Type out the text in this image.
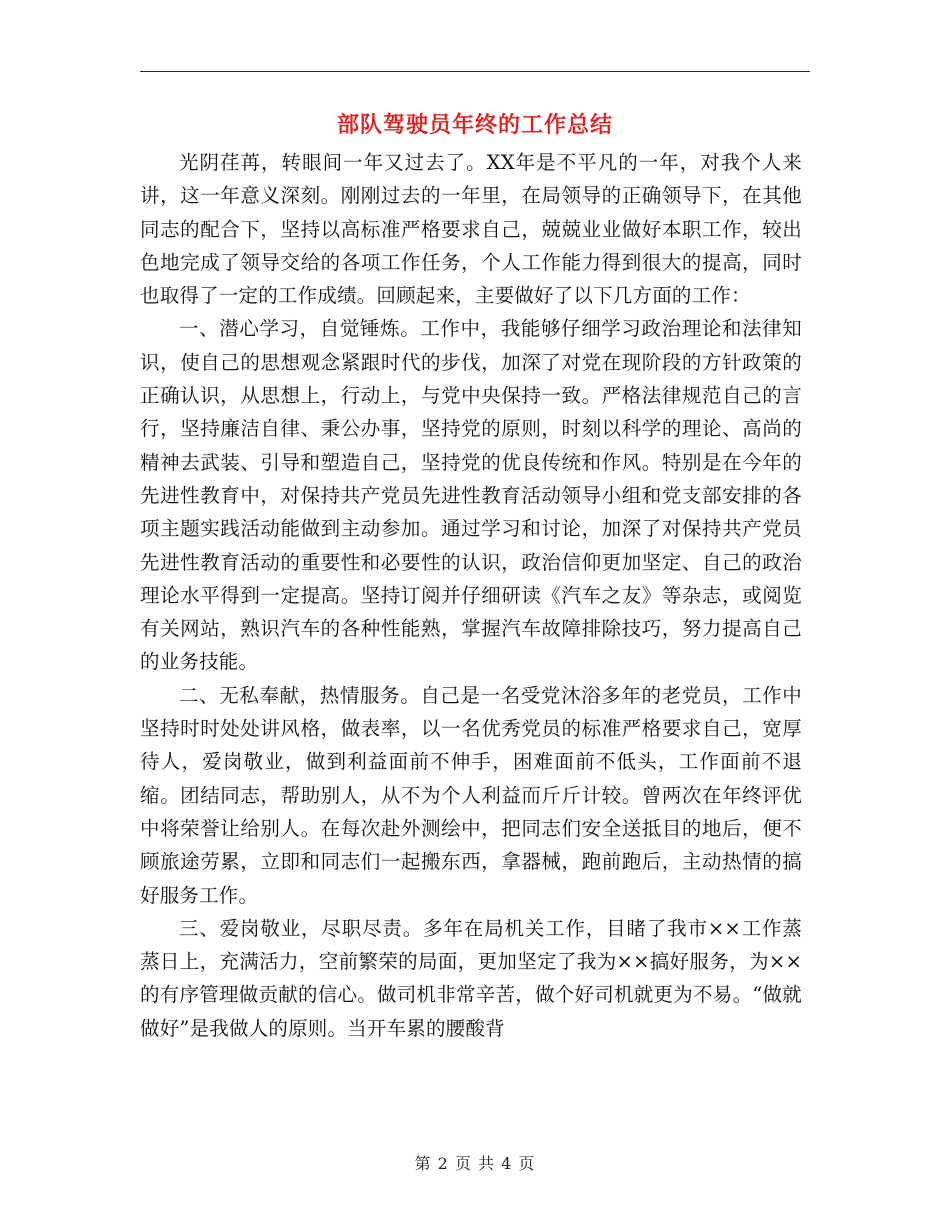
部队驾驶员年终的工作总结

光阴荏苒，转眼间一年又过去了。XX年是不平凡的一年，对我个人来讲，这一年意义深刻。刚刚过去的一年里，在局领导的正确领导下，在其他同志的配合下，坚持以高标准严格要求自己，兢兢业业做好本职工作，较出色地完成了领导交给的各项工作任务，个人工作能力得到很大的提高，同时也取得了一定的工作成绩。回顾起来，主要做好了以下几方面的工作：

一、潜心学习，自觉锤炼。工作中，我能够仔细学习政治理论和法律知识，使自己的思想观念紧跟时代的步伐，加深了对党在现阶段的方针政策的正确认识，从思想上，行动上，与党中央保持一致。严格法律规范自己的言行，坚持廉洁自律、秉公办事，坚持党的原则，时刻以科学的理论、高尚的精神去武装、引导和塑造自己，坚持党的优良传统和作风。特别是在今年的先进性教育中，对保持共产党员先进性教育活动领导小组和党支部安排的各项主题实践活动能做到主动参加。通过学习和讨论，加深了对保持共产党员先进性教育活动的重要性和必要性的认识，政治信仰更加坚定、自己的政治理论水平得到一定提高。坚持订阅并仔细研读《汽车之友》等杂志，或阅览有关网站，熟识汽车的各种性能熟，掌握汽车故障排除技巧，努力提高自己的业务技能。

二、无私奉献，热情服务。自己是一名受党沐浴多年的老党员，工作中坚持时时处处讲风格，做表率，以一名优秀党员的标准严格要求自己，宽厚待人，爱岗敬业，做到利益面前不伸手，困难面前不低头，工作面前不退缩。团结同志，帮助别人，从不为个人利益而斤斤计较。曾两次在年终评优中将荣誉让给别人。在每次赴外测绘中，把同志们安全送抵目的地后，便不顾旅途劳累，立即和同志们一起搬东西，拿器械，跑前跑后，主动热情的搞好服务工作。

三、爱岗敬业，尽职尽责。多年在局机关工作，目睹了我市××工作蒸蒸日上，充满活力，空前繁荣的局面，更加坚定了我为××搞好服务，为××的有序管理做贡献的信心。做司机非常辛苦，做个好司机就更为不易。“做就做好”是我做人的原则。当开车累的腰酸背

第 2 页 共 4 页
